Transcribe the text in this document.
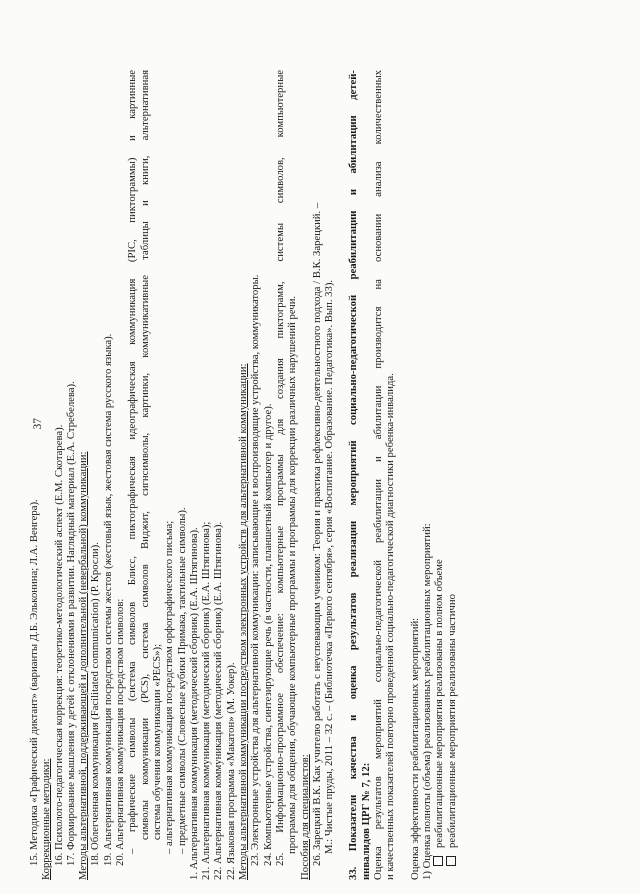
37
15. Методика «Графический диктант» (варианты Д.Б. Эльконина; Л.А. Венгера). Коррекционные методики: 16. Психолого-педагогическая коррекция: теоретико-методологический аспект (Е.М. Скотарева). 17. Формирование мышления у детей с отклонениями в развитии. Наглядный материал (Е.А. Стребелева). Методы альтернативной, поддерживающей и дополнительной (невербальной) коммуникации: 18. Облегченная коммуникация (Facilitated communication) (Р. Кросли). 19. Альтернативная коммуникация посредством системы жестов (жестовый язык, жестовая система русского языка). 20. Альтернативная коммуникация посредством символов: – графические символы (система символов Блисс, пиктографическая идеографическая коммуникация (PIC, пиктограммы) и картинные символы коммуникации (PCS), система символов Виджит, сигнсимволы, картинки, коммуникативные таблицы и книги, альтернативная система обучения коммуникации «PECS»); – альтернативная коммуникация посредством орфографического письма; – предметные символы (Словесные кубики Примака, тактильные символы). 1. Альтернативная коммуникация (методический сборник) (Е.А. Штягинова). 21. Альтернативная коммуникация (методический сборник) (Е.А. Штягинова); 22. Альтернативная коммуникация (методический сборник) (Е.А. Штягинова). 22. Языковая программа «Макатон» (М. Уокер). Методы альтернативной коммуникации посредством электронных устройств для альтернативной коммуникации: 23. Электронные устройства для альтернативной коммуникации: записывающие и воспроизводящие устройства, коммуникаторы. 24. Компьютерные устройства, синтезирующие речь (в частности, планшетный компьютер и другое). 25. Информационно-программное обеспечение: компьютерные программы для создания пиктограмм, системы символов, компьютерные программы для общения, обучающие компьютерные программы и программы для коррекции различных нарушений речи. Пособия для специалистов: 26. Зарецкий В.К. Как учителю работать с неуспевающим учеником: Теория и практика рефлексивно-деятельностного подхода / В.К. Зарецкий. – М.: Чистые пруды, 2011 – 32 с. – (Библиотечка «Первого сентября», серия «Воспитание. Образование. Педагогика». Вып. 33). 33. Показатели качества и оценка результатов реализации мероприятий социально-педагогической реабилитации и абилитации детей- инвалидов ЦРГ № 7, 12: Оценка результатов мероприятий социально-педагогической реабилитации и абилитации производится на основании анализа количественных и качественных показателей повторно проведенной социально-педагогической диагностики ребенка-инвалида. Оценка эффективности реабилитационных мероприятий: 1) Оценка полноты (объема) реализованных реабилитационных мероприятий: реабилитационные мероприятия реализованы в полном объеме реабилитационные мероприятия реализованы частично
